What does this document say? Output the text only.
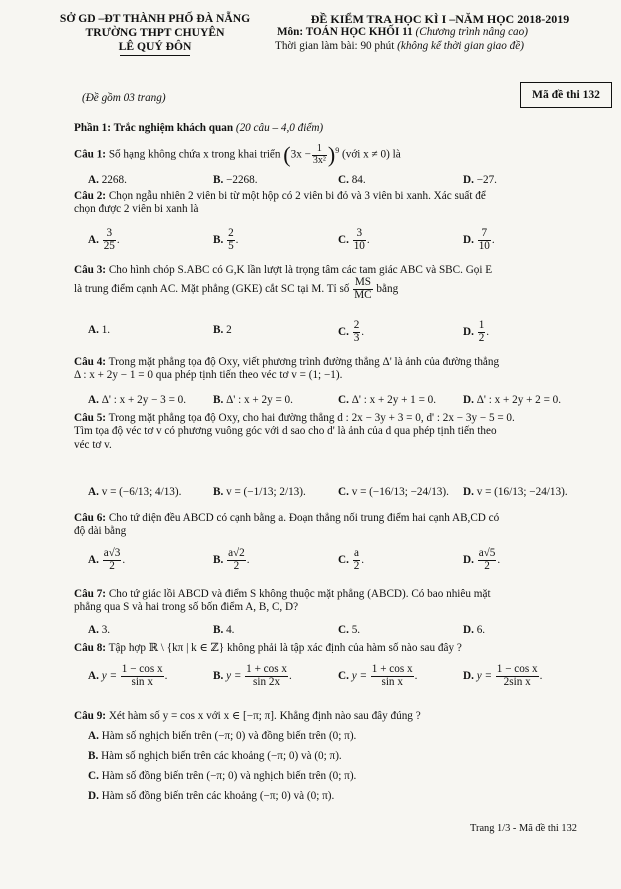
SỞ GD –ĐT THÀNH PHỐ ĐÀ NẴNG
TRƯỜNG THPT CHUYÊN
LÊ QUÝ ĐÔN
ĐỀ KIỂM TRA HỌC KÌ I –NĂM HỌC 2018-2019
Môn: TOÁN HỌC KHỐI 11 (Chương trình nâng cao)
Thời gian làm bài: 90 phút (không kể thời gian giao đề)
(Đề gồm 03 trang)	Mã đề thi 132
Phần 1: Trắc nghiệm khách quan (20 câu – 4,0 điểm)
Câu 1: Số hạng không chứa x trong khai triển $(3x - \frac{1}{\text{3x²}} )^9$ (với x ≠ 0) là
A. 2268.	B. −2268.	C. 84.	D. −27.
Câu 2: Chọn ngẫu nhiên 2 viên bi từ một hộp có 2 viên bi đỏ và 3 viên bi xanh. Xác suất để
chọn được 2 viên bi xanh là
A. $\frac{3}{25}$ .	B. $\frac{2}{5}$ .	C. $\frac{3}{10}$ .	D. $\frac{7}{10}$ .
Câu 3: Cho hình chóp S.ABC có G,K lần lượt là trọng tâm các tam giác ABC và SBC. Gọi E
là trung điểm cạnh AC. Mặt phẳng (GKE) cắt SC tại M. Tỉ số $\frac{MS}{MC}$ bằng
A. 1.	B. 2	C. $\frac{2}{3}$ .	D. $\frac{1}{2}$ .
Câu 4: Trong mặt phẳng tọa độ Oxy, viết phương trình đường thẳng Δ' là ảnh của đường thẳng
Δ : x + 2y − 1 = 0 qua phép tịnh tiến theo véc tơ v = (1; −1).
A. Δ' : x + 2y − 3 = 0. B. Δ' : x + 2y = 0.	C. Δ' : x + 2y + 1 = 0. D. Δ' : x + 2y + 2 = 0.
Câu 5: Trong mặt phẳng tọa độ Oxy, cho hai đường thẳng d : 2x − 3y + 3 = 0, d' : 2x − 3y − 5 = 0.
Tìm tọa độ véc tơ v có phương vuông góc với d sao cho d' là ảnh của d qua phép tịnh tiến theo
véc tơ v.
A. v = (−6/13; 4/13).	B. v = (−1/13; 2/13).	C. v = (−16/13; −24/13). D. v = (16/13; −24/13).
Câu 6: Cho tứ diện đều ABCD có cạnh bằng a. Đoạn thẳng nối trung điểm hai cạnh AB,CD có
độ dài bằng
A. $\frac{a√3}{2}$ .	B. $\frac{a√2}{2}$ .	C. $\frac{a}{2}$ .	D. $\frac{a√5}{2}$ .
Câu 7: Cho tứ giác lồi ABCD và điểm S không thuộc mặt phẳng (ABCD). Có bao nhiêu mặt
phẳng qua S và hai trong số bốn điểm A, B, C, D?
A. 3.	B. 4.	C. 5.	D. 6.
Câu 8: Tập hợp ℝ \ {kπ | k ∈ ℤ} không phải là tập xác định của hàm số nào sau đây ?
A. $y = \frac{\text{1 − cos x}}{\text{sin x}}$ .	B. $y = \frac{\text{1 + cos x}}{\sin 2x}$ .	C. $y = \frac{\text{1 + cos x}}{\text{sin x}}$ .	D. $y = \frac{\text{1 − cos x}}{\text{2sin x}}$ .
Câu 9: Xét hàm số y = cos x với x ∈ [−π; π]. Khẳng định nào sau đây đúng ?
A. Hàm số nghịch biến trên (−π; 0) và đồng biến trên (0; π).
B. Hàm số nghịch biến trên các khoảng (−π; 0) và (0; π).
C. Hàm số đồng biến trên (−π; 0) và nghịch biến trên (0; π).
D. Hàm số đồng biến trên các khoảng (−π; 0) và (0; π).
Trang 1/3 - Mã đề thi 132
